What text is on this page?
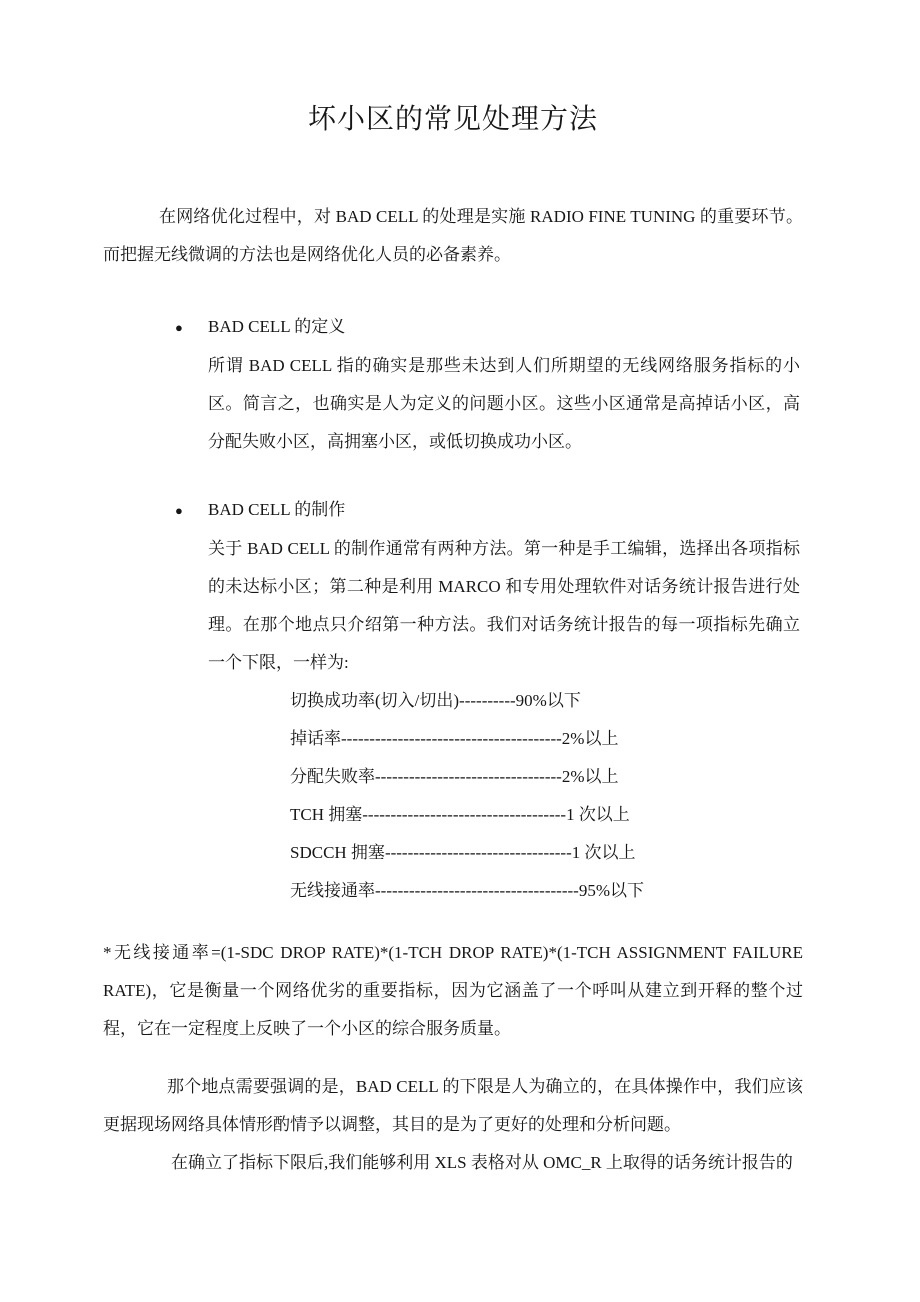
坏小区的常见处理方法

在网络优化过程中，对 BAD CELL 的处理是实施 RADIO FINE TUNING 的重要环节。而把握无线微调的方法也是网络优化人员的必备素养。

●	BAD CELL 的定义
所谓 BAD CELL 指的确实是那些未达到人们所期望的无线网络服务指标的小区。简言之，也确实是人为定义的问题小区。这些小区通常是高掉话小区，高分配失败小区，高拥塞小区，或低切换成功小区。
●	BAD CELL 的制作
关于 BAD CELL 的制作通常有两种方法。第一种是手工编辑，选择出各项指标的未达标小区；第二种是利用 MARCO 和专用处理软件对话务统计报告进行处理。在那个地点只介绍第一种方法。我们对话务统计报告的每一项指标先确立一个下限，一样为:
切换成功率(切入/切出)----------90%以下
掉话率---------------------------------------2%以上
分配失败率---------------------------------2%以上
TCH 拥塞------------------------------------1 次以上
SDCCH 拥塞---------------------------------1 次以上
无线接通率------------------------------------95%以下

*无线接通率=(1-SDC DROP RATE)*(1-TCH DROP RATE)*(1-TCH ASSIGNMENT FAILURE RATE)，它是衡量一个网络优劣的重要指标，因为它涵盖了一个呼叫从建立到开释的整个过程，它在一定程度上反映了一个小区的综合服务质量。

那个地点需要强调的是，BAD CELL 的下限是人为确立的，在具体操作中，我们应该更据现场网络具体情形酌情予以调整，其目的是为了更好的处理和分析问题。

在确立了指标下限后,我们能够利用 XLS 表格对从 OMC_R 上取得的话务统计报告的
